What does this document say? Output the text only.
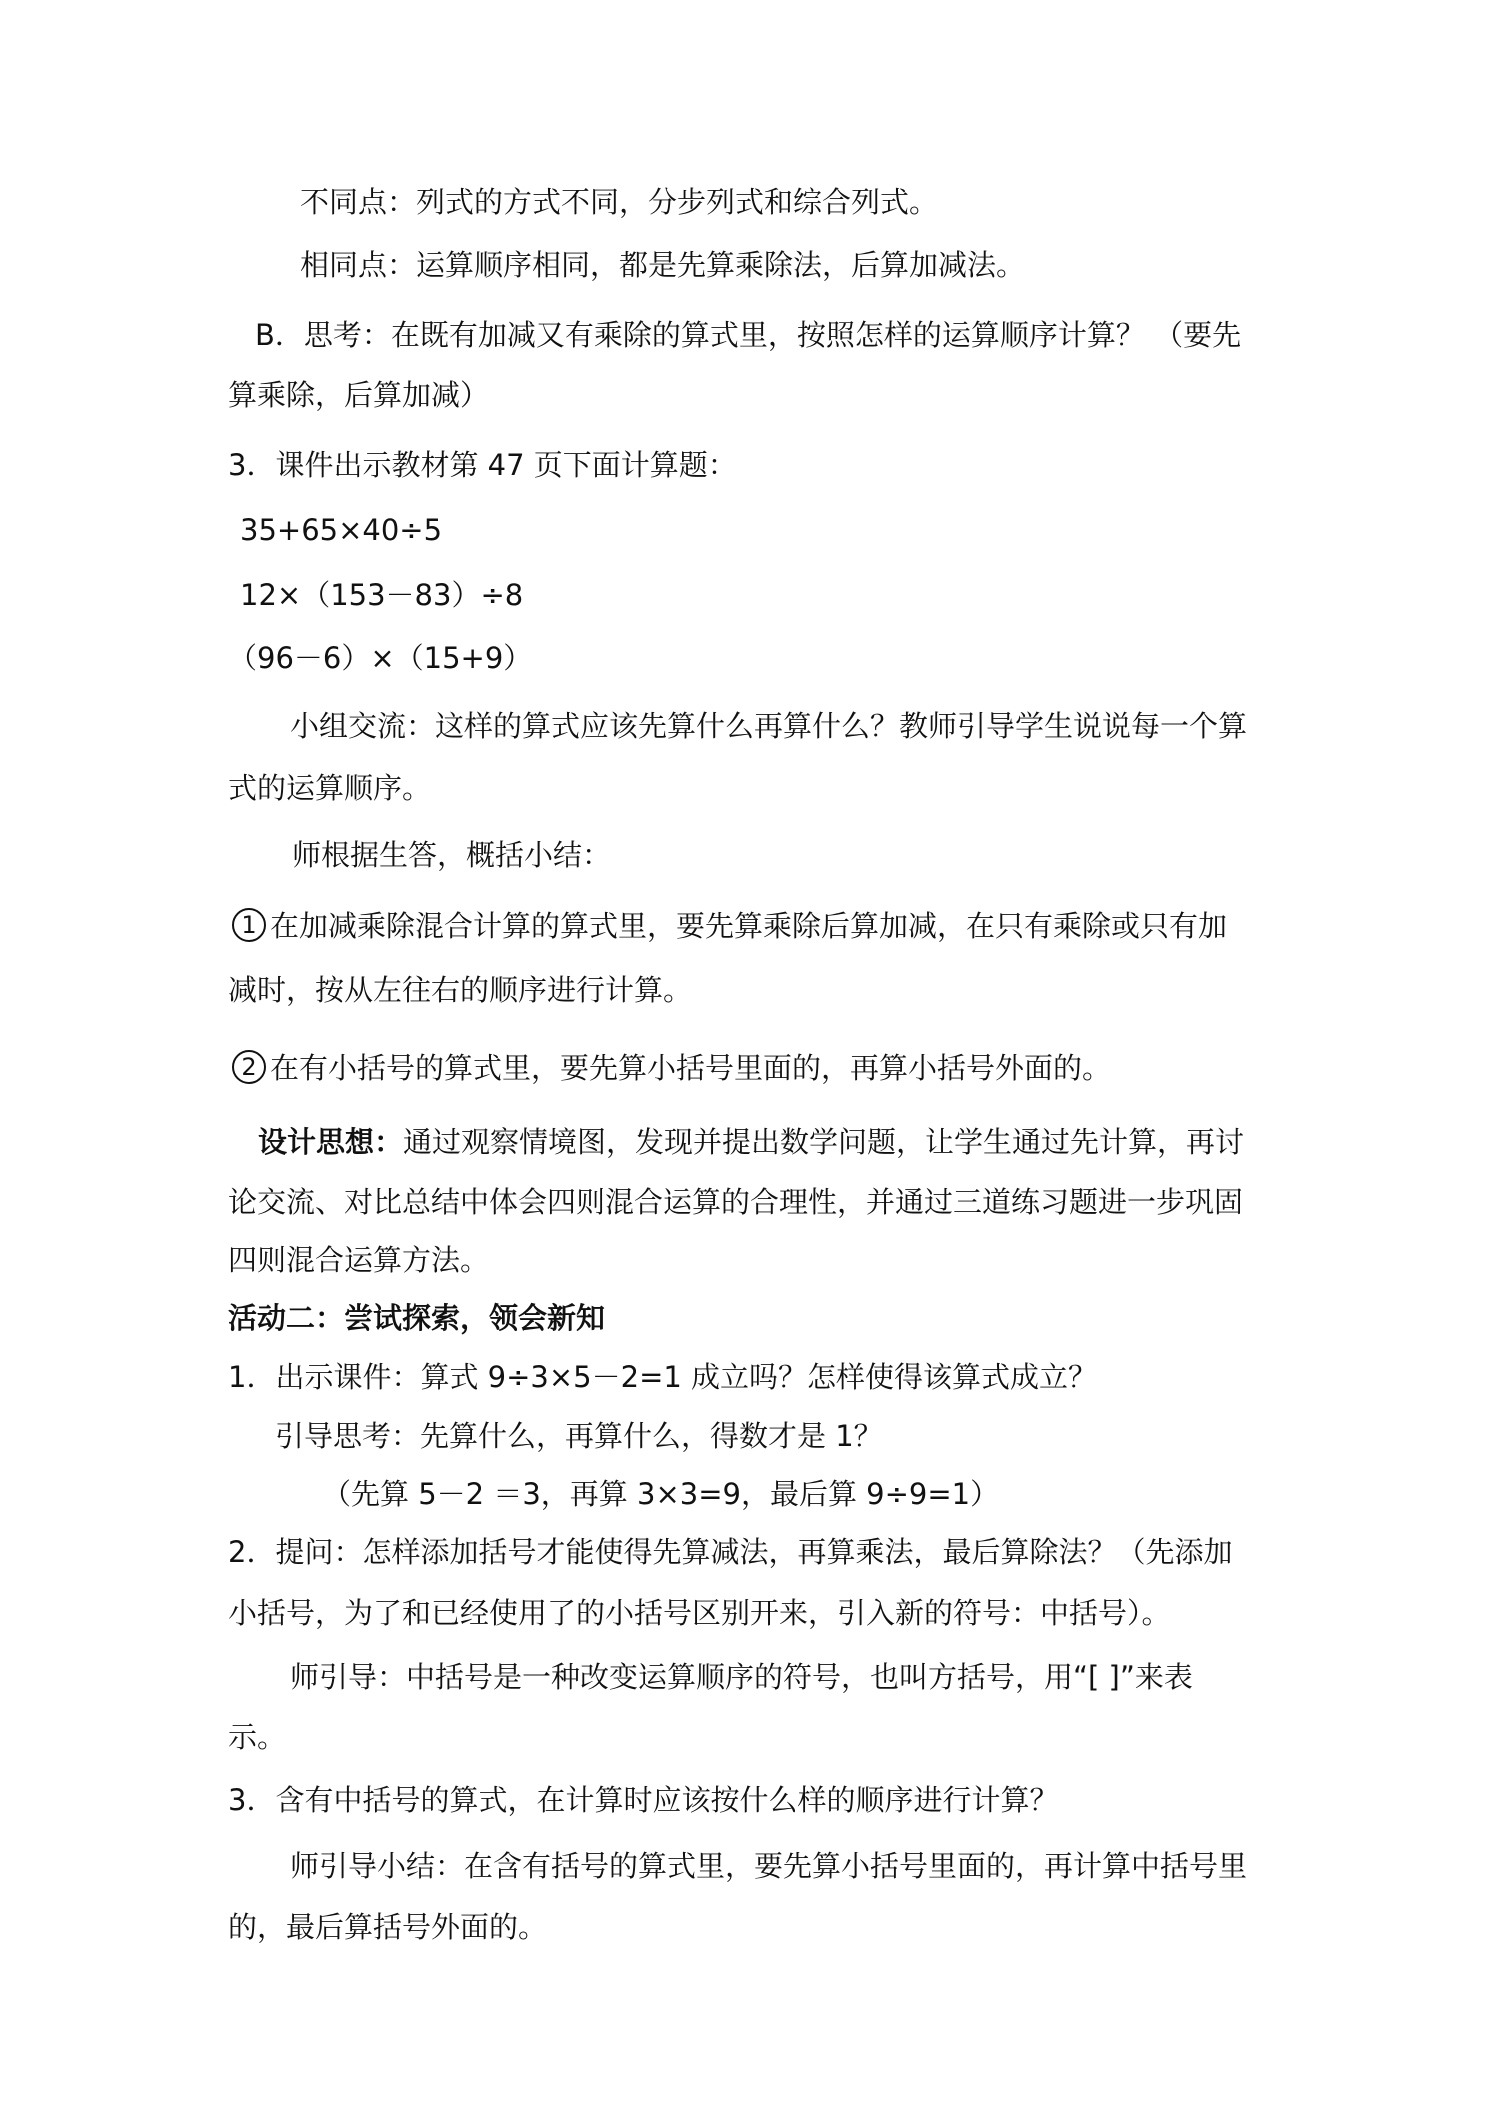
不同点：列式的方式不同，分步列式和综合列式。
相同点：运算顺序相同，都是先算乘除法，后算加减法。
B．思考：在既有加减又有乘除的算式里，按照怎样的运算顺序计算？ （要先
算乘除，后算加减）
3．课件出示教材第 47 页下面计算题：
35+65×40÷5
12×（153－83）÷8
（96－6）×（15+9）
小组交流：这样的算式应该先算什么再算什么？教师引导学生说说每一个算
式的运算顺序。
师根据生答，概括小结：
1 在加减乘除混合计算的算式里，要先算乘除后算加减，在只有乘除或只有加
减时，按从左往右的顺序进行计算。
2 在有小括号的算式里，要先算小括号里面的，再算小括号外面的。
设计思想：通过观察情境图，发现并提出数学问题，让学生通过先计算，再讨
论交流、对比总结中体会四则混合运算的合理性，并通过三道练习题进一步巩固
四则混合运算方法。
活动二：尝试探索，领会新知
1．出示课件：算式 9÷3×5－2=1 成立吗？怎样使得该算式成立？
引导思考：先算什么，再算什么，得数才是 1？
（先算 5－2 ＝3，再算 3×3=9，最后算 9÷9=1）
2．提问：怎样添加括号才能使得先算减法，再算乘法，最后算除法？（先添加
小括号，为了和已经使用了的小括号区别开来，引入新的符号：中括号）。
师引导：中括号是一种改变运算顺序的符号，也叫方括号，用“[ ]”来表
示。
3．含有中括号的算式，在计算时应该按什么样的顺序进行计算？
师引导小结：在含有括号的算式里，要先算小括号里面的，再计算中括号里
的，最后算括号外面的。
